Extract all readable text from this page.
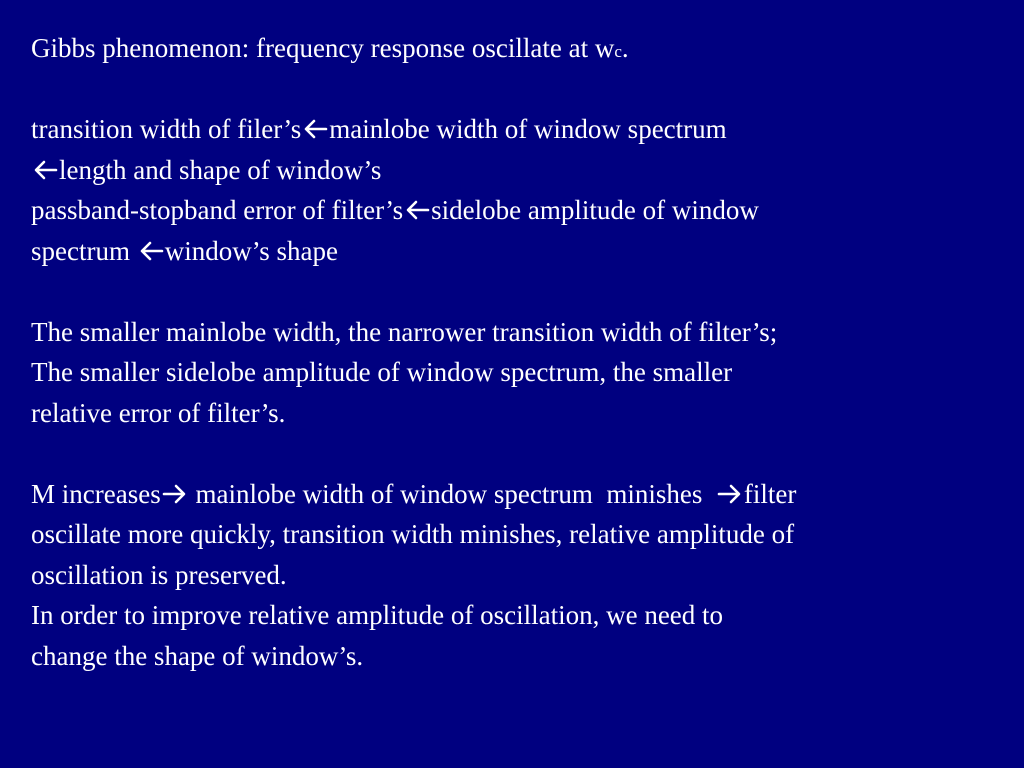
Gibbs phenomenon: frequency response oscillate at wc.
transition width of filer’s mainlobe width of window spectrum
length and shape of window’s
passband-stopband error of filter’s sidelobe amplitude of window
spectrum
window’s shape
The smaller mainlobe width, the narrower transition width of filter’s;
The smaller sidelobe amplitude of window spectrum, the smaller
relative error of filter’s.
M increases
mainlobe width of window spectrum  minishes
filter
oscillate more quickly, transition width minishes, relative amplitude of
oscillation is preserved.
In order to improve relative amplitude of oscillation, we need to
change the shape of window’s.
